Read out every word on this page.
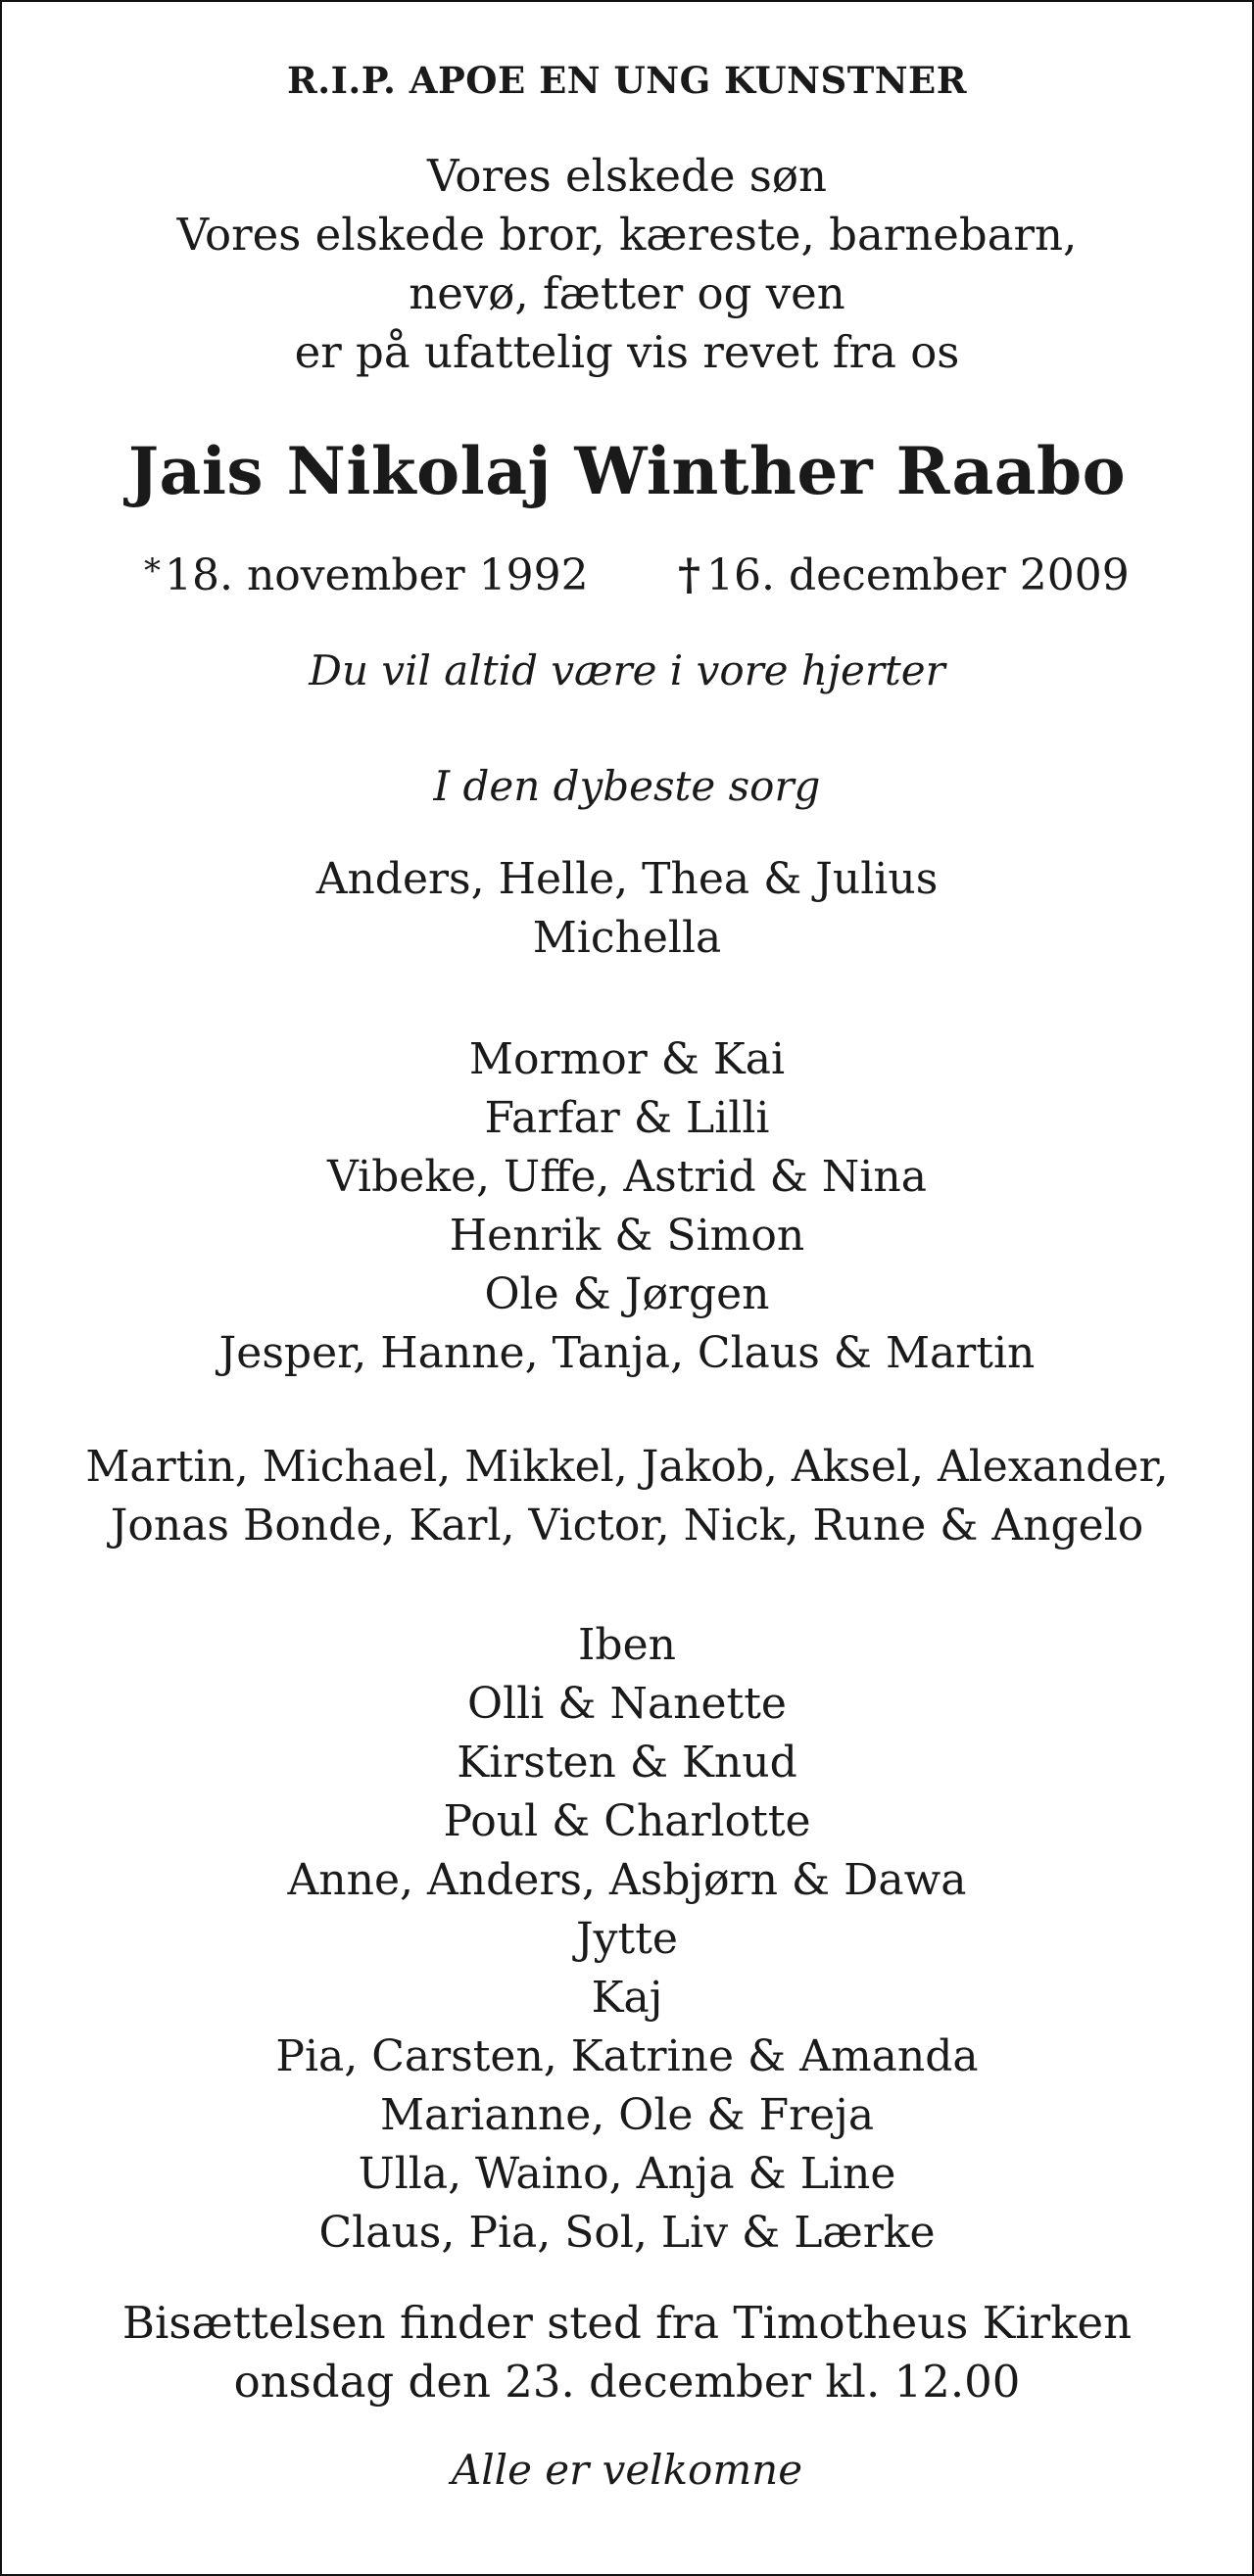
R.I.P. APOE EN UNG KUNSTNER
Vores elskede søn
Vores elskede bror, kæreste, barnebarn,
nevø, fætter og ven
er på ufattelig vis revet fra os
Jais Nikolaj Winther Raabo
*18. november 1992 † 16. december 2009
Du vil altid være i vore hjerter
I den dybeste sorg
Anders, Helle, Thea & Julius
Michella
Mormor & Kai
Farfar & Lilli
Vibeke, Uffe, Astrid & Nina
Henrik & Simon
Ole & Jørgen
Jesper, Hanne, Tanja, Claus & Martin
Martin, Michael, Mikkel, Jakob, Aksel, Alexander,
Jonas Bonde, Karl, Victor, Nick, Rune & Angelo
Iben
Olli & Nanette
Kirsten & Knud
Poul & Charlotte
Anne, Anders, Asbjørn & Dawa
Jytte
Kaj
Pia, Carsten, Katrine & Amanda
Marianne, Ole & Freja
Ulla, Waino, Anja & Line
Claus, Pia, Sol, Liv & Lærke
Bisættelsen finder sted fra Timotheus Kirken
onsdag den 23. december kl. 12.00
Alle er velkomne
